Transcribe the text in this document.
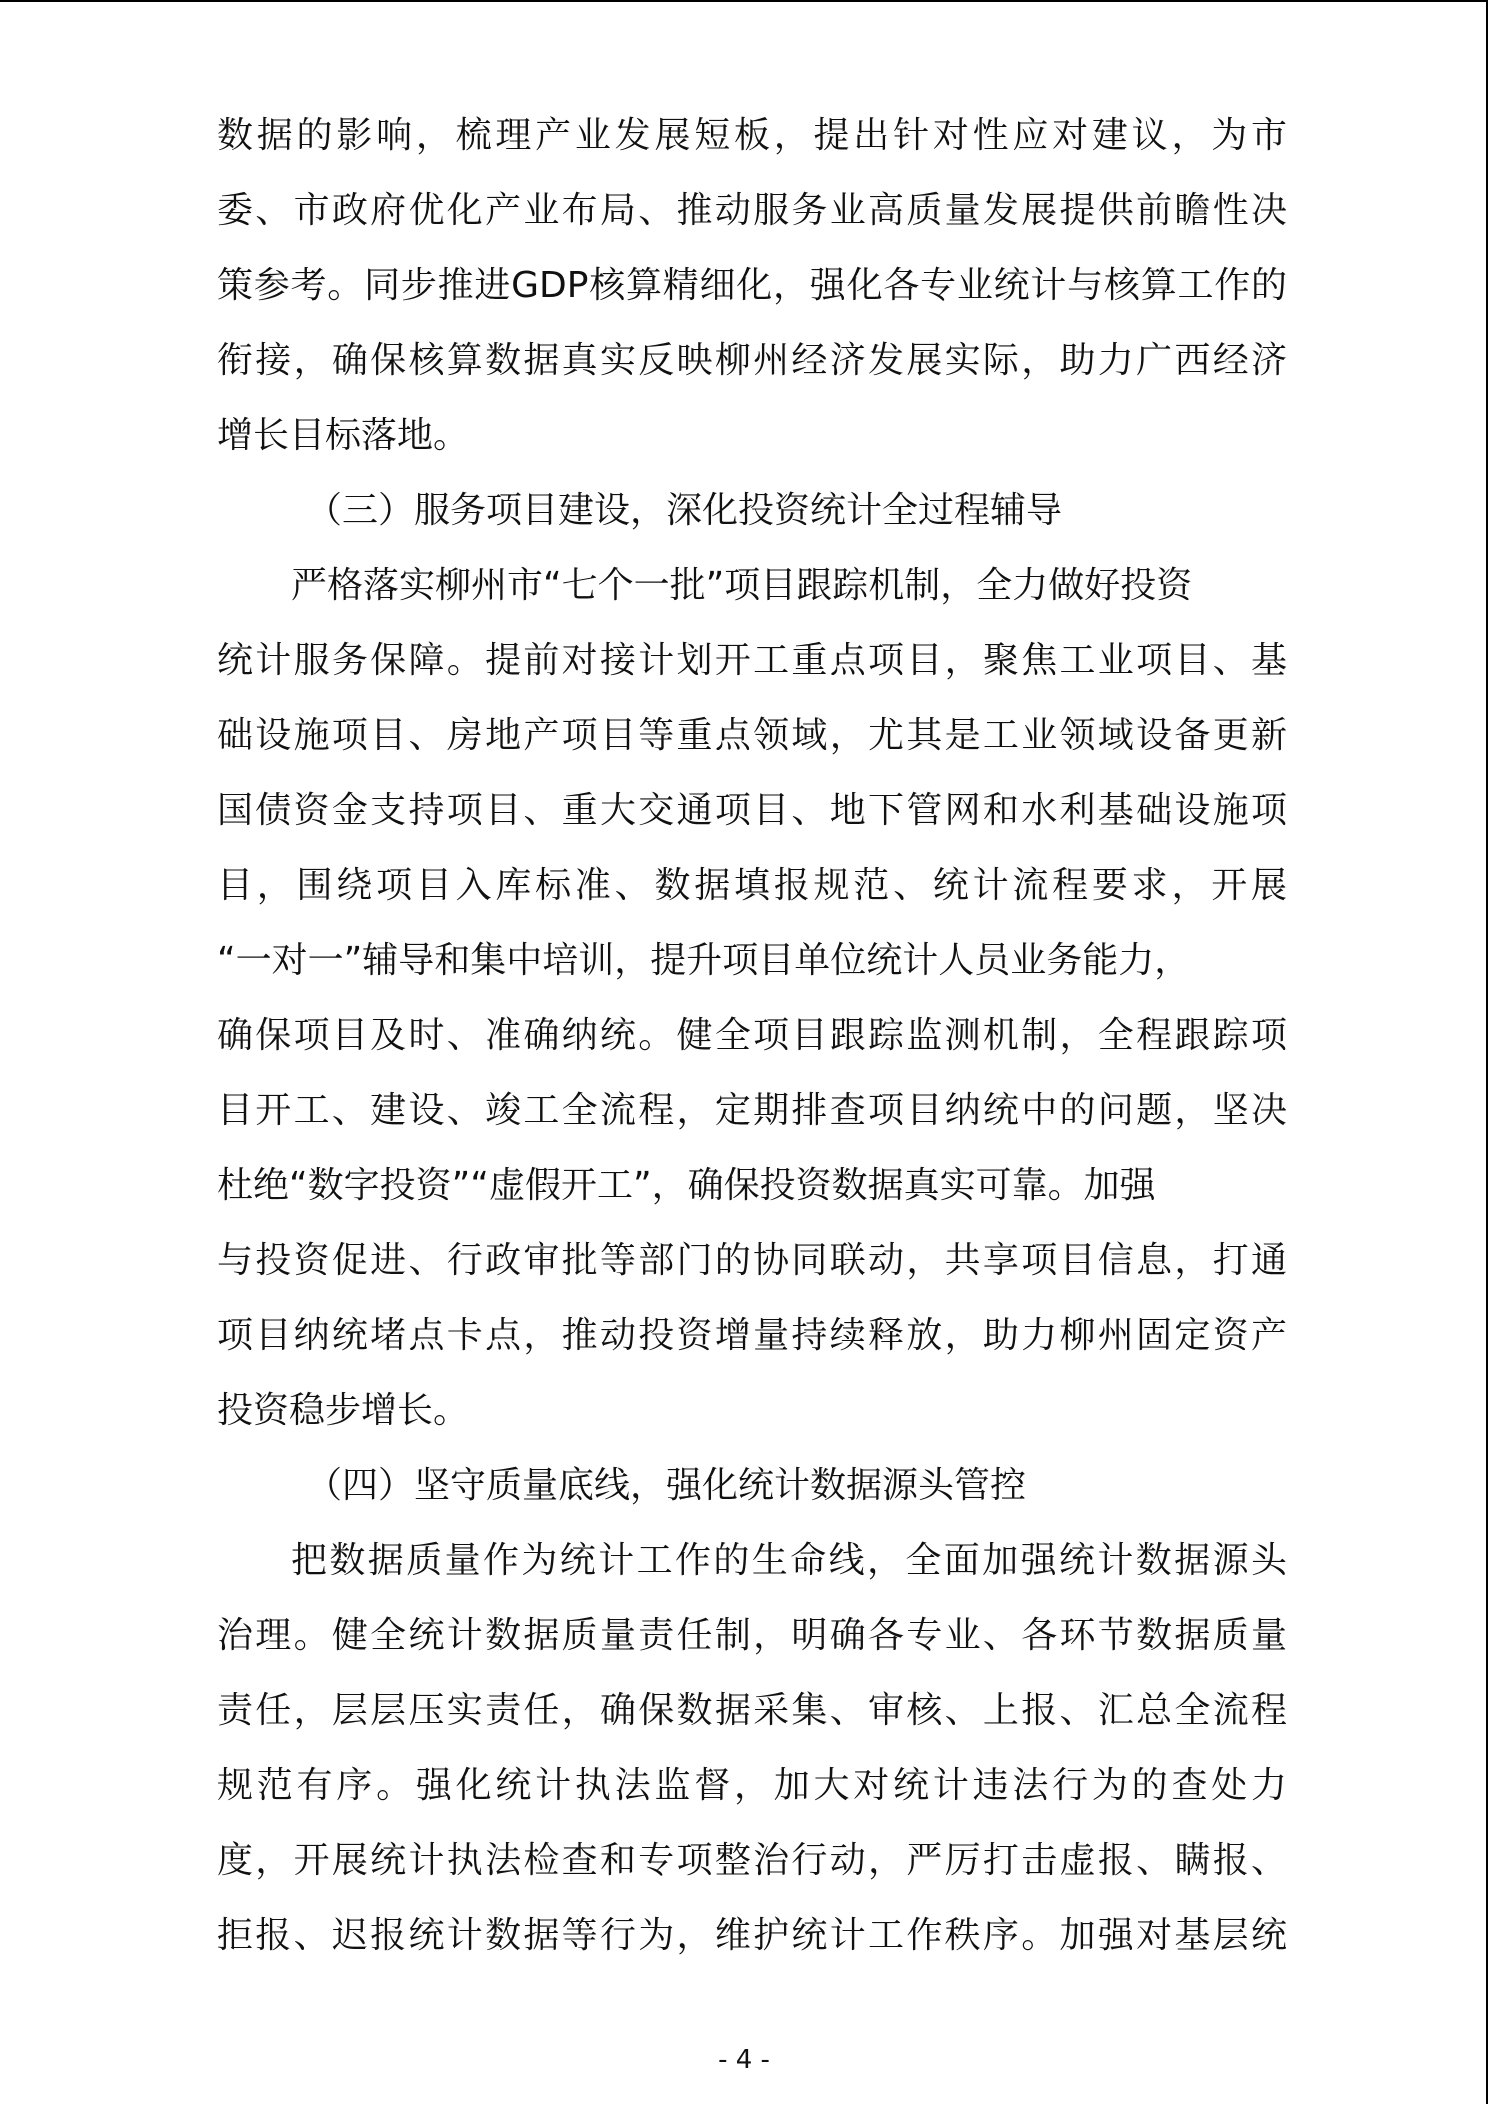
数据的影响，梳理产业发展短板，提出针对性应对建议，为市
委、市政府优化产业布局、推动服务业高质量发展提供前瞻性决
策参考。同步推进GDP核算精细化，强化各专业统计与核算工作的
衔接，确保核算数据真实反映柳州经济发展实际，助力广西经济
增长目标落地。
（三）服务项目建设，深化投资统计全过程辅导
严格落实柳州市“七个一批”项目跟踪机制，全力做好投资
统计服务保障。提前对接计划开工重点项目，聚焦工业项目、基
础设施项目、房地产项目等重点领域，尤其是工业领域设备更新
国债资金支持项目、重大交通项目、地下管网和水利基础设施项
目，围绕项目入库标准、数据填报规范、统计流程要求，开展
“一对一”辅导和集中培训，提升项目单位统计人员业务能力，
确保项目及时、准确纳统。健全项目跟踪监测机制，全程跟踪项
目开工、建设、竣工全流程，定期排查项目纳统中的问题，坚决
杜绝“数字投资”“虚假开工”，确保投资数据真实可靠。加强
与投资促进、行政审批等部门的协同联动，共享项目信息，打通
项目纳统堵点卡点，推动投资增量持续释放，助力柳州固定资产
投资稳步增长。
（四）坚守质量底线，强化统计数据源头管控
把数据质量作为统计工作的生命线，全面加强统计数据源头
治理。健全统计数据质量责任制，明确各专业、各环节数据质量
责任，层层压实责任，确保数据采集、审核、上报、汇总全流程
规范有序。强化统计执法监督，加大对统计违法行为的查处力
度，开展统计执法检查和专项整治行动，严厉打击虚报、瞒报、
拒报、迟报统计数据等行为，维护统计工作秩序。加强对基层统
- 4 -
